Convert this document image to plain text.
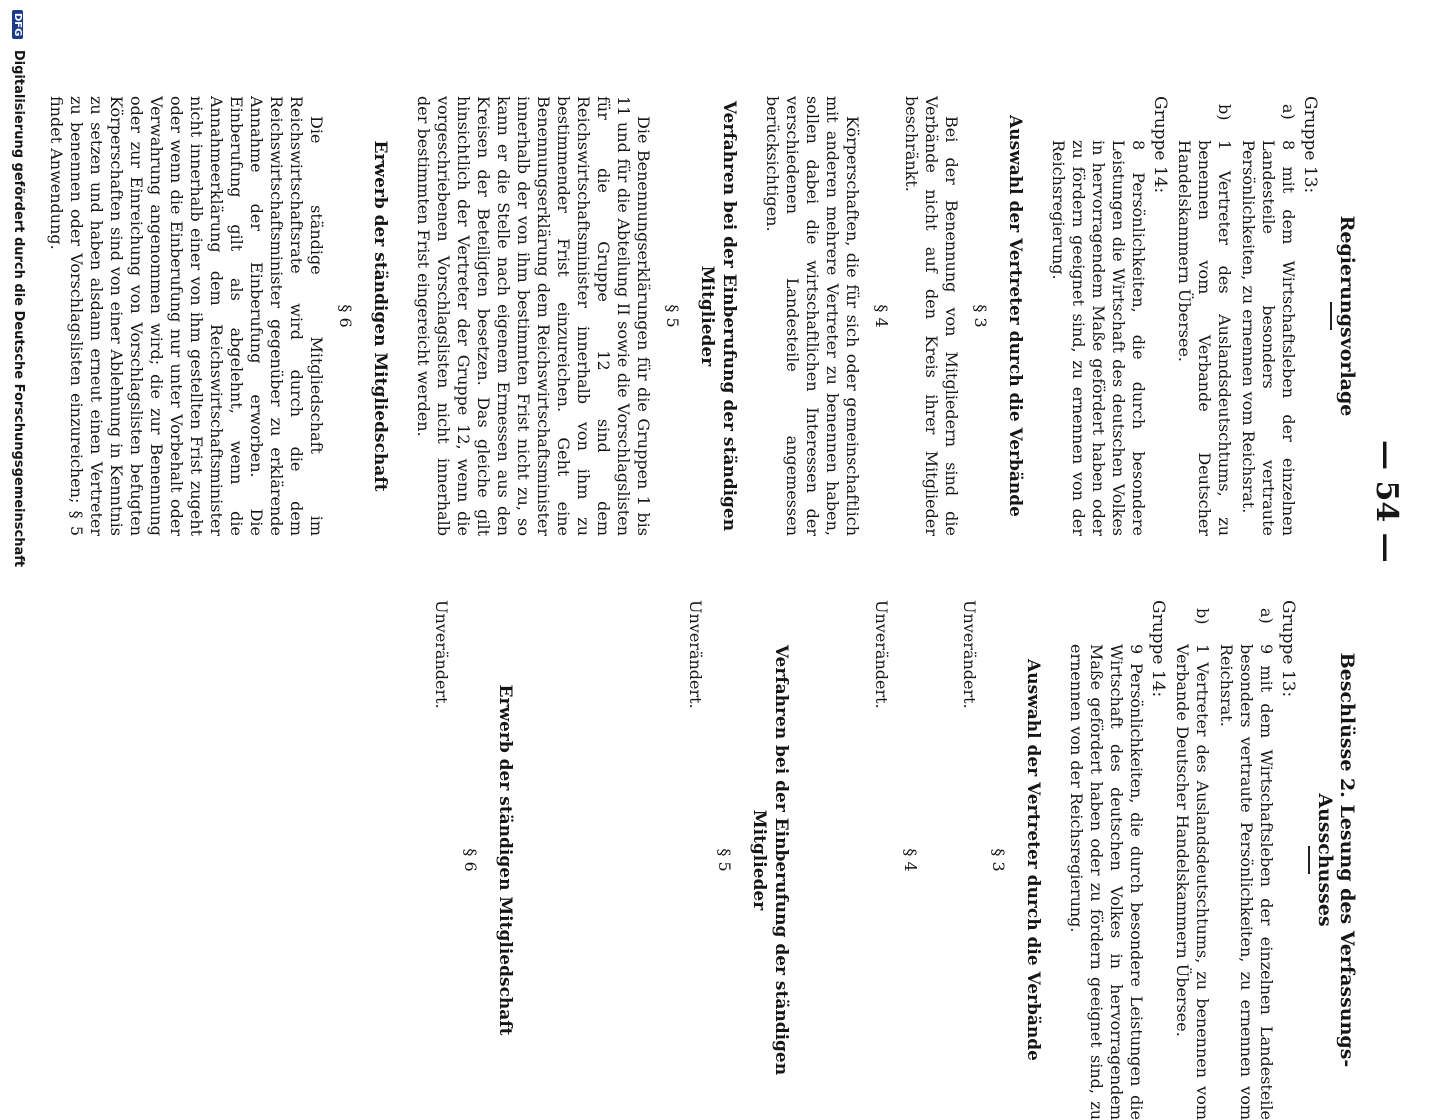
— 54 —
Regierungsvorlage
Gruppe 13:
a)
8 mit dem Wirtschaftsleben der einzelnen Landesteile besonders vertraute Persönlichkeiten, zu ernennen vom Reichsrat.
b)
1 Vertreter des Auslandsdeutschtums, zu benennen vom Verbande Deutscher Handelskammern Übersee.
Gruppe 14:
8 Persönlichkeiten, die durch besondere Leistungen die Wirtschaft des deutschen Volkes in hervorragendem Maße gefördert haben oder zu fördern geeignet sind, zu ernennen von der Reichsregierung.
Auswahl der Vertreter durch die Verbände
§ 3
Bei der Benennung von Mitgliedern sind die Verbände nicht auf den Kreis ihrer Mitglieder beschränkt.
§ 4
Körperschaften, die für sich oder gemeinschaftlich mit anderen mehrere Vertreter zu benennen haben, sollen dabei die wirtschaftlichen Interessen der verschiedenen Landesteile angemessen berücksichtigen.
Verfahren bei der Einberufung der ständigen Mitglieder
§ 5
Die Benennungserklärungen für die Gruppen 1 bis 11 und für die Abteilung II sowie die Vorschlagslisten für die Gruppe 12 sind dem Reichswirtschaftsminister innerhalb von ihm zu bestimmender Frist einzureichen. Geht eine Benennungserklärung dem Reichswirtschaftsminister innerhalb der von ihm bestimmten Frist nicht zu, so kann er die Stelle nach eigenem Ermessen aus den Kreisen der Beteiligten besetzen. Das gleiche gilt hinsichtlich der Vertreter der Gruppe 12, wenn die vorgeschriebenen Vorschlagslisten nicht innerhalb der bestimmten Frist eingereicht werden.
Erwerb der ständigen Mitgliedschaft
§ 6
Die ständige Mitgliedschaft im Reichswirtschaftsrate wird durch die dem Reichswirtschaftsminister gegenüber zu erklärende Annahme der Einberufung erworben. Die Einberufung gilt als abgelehnt, wenn die Annahmeerklärung dem Reichswirtschaftsminister nicht innerhalb einer von ihm gestellten Frist zugeht oder wenn die Einberufung nur unter Vorbehalt oder Verwahrung angenommen wird; die zur Benennung oder zur Einreichung von Vorschlagslisten befugten Körperschaften sind von einer Ablehnung in Kenntnis zu setzen und haben alsdann erneut einen Vertreter zu benennen oder Vorschlagslisten einzureichen; § 5 findet Anwendung.
Beschlüsse 2. Lesung des Verfassungs-Ausschusses
Gruppe 13:
a)
9 mit dem Wirtschaftsleben der einzelnen Landesteile besonders vertraute Persönlichkeiten, zu ernennen vom Reichsrat.
b)
1 Vertreter des Auslandsdeutschtums, zu benennen vom Verbande Deutscher Handelskammern Übersee.
Gruppe 14:
9 Persönlichkeiten, die durch besondere Leistungen die Wirtschaft des deutschen Volkes in hervorragendem Maße gefördert haben oder zu fördern geeignet sind, zu ernennen von der Reichsregierung.
Auswahl der Vertreter durch die Verbände
§ 3
Unverändert.
§ 4
Unverändert.
Verfahren bei der Einberufung der ständigen Mitglieder
§ 5
Unverändert.
Erwerb der ständigen Mitgliedschaft
§ 6
Unverändert.
DFG Digitalisierung gefördert durch die Deutsche Forschungsgemeinschaft
